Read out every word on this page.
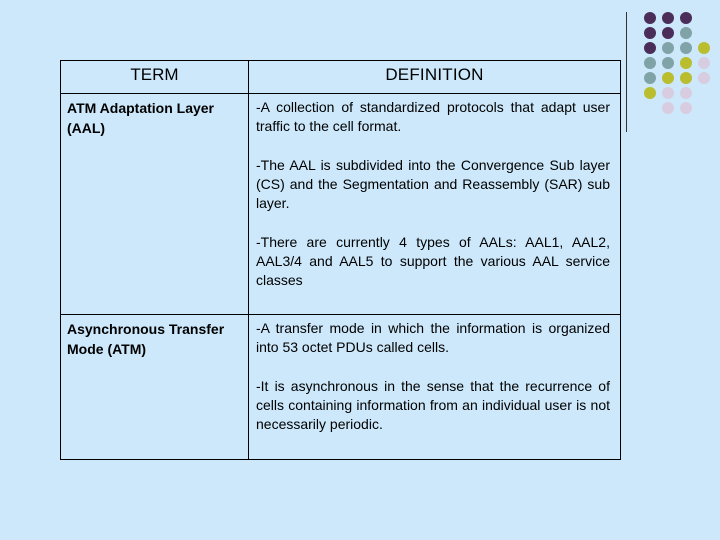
TERM	DEFINITION
ATM Adaptation Layer (AAL)	-A collection of standardized protocols that adapt user traffic to the cell format.

-The AAL is subdivided into the Convergence Sub layer (CS) and the Segmentation and Reassembly (SAR) sub layer.

-There are currently 4 types of AALs: AAL1, AAL2, AAL3/4 and AAL5 to support the various AAL service classes

Asynchronous Transfer Mode (ATM)	-A transfer mode in which the information is organized into 53 octet PDUs called cells.

-It is asynchronous in the sense that the recurrence of cells containing information from an individual user is not necessarily periodic.
